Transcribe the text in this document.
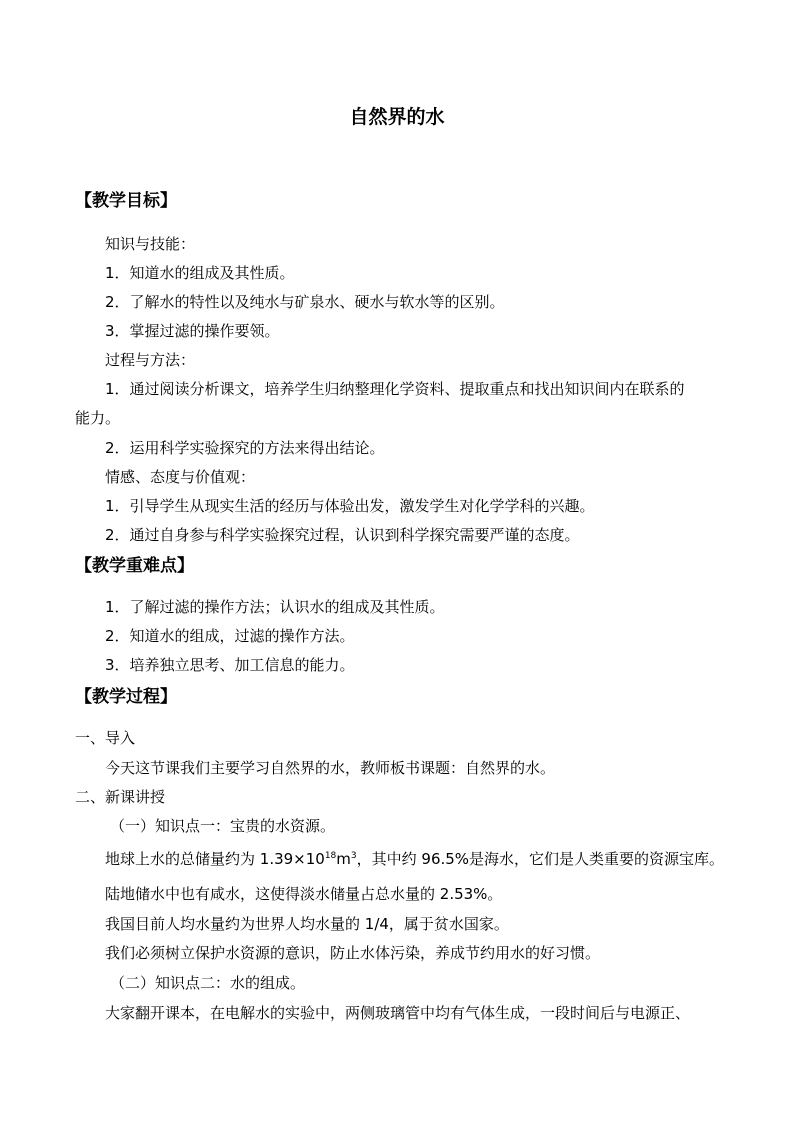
自然界的水
【教学目标】
知识与技能：
1．知道水的组成及其性质。
2．了解水的特性以及纯水与矿泉水、硬水与软水等的区别。
3．掌握过滤的操作要领。
过程与方法：
1．通过阅读分析课文，培养学生归纳整理化学资料、提取重点和找出知识间内在联系的
能力。
2．运用科学实验探究的方法来得出结论。
情感、态度与价值观：
1．引导学生从现实生活的经历与体验出发，激发学生对化学学科的兴趣。
2．通过自身参与科学实验探究过程，认识到科学探究需要严谨的态度。
【教学重难点】
1．了解过滤的操作方法；认识水的组成及其性质。
2．知道水的组成，过滤的操作方法。
3．培养独立思考、加工信息的能力。
【教学过程】
一、导入
今天这节课我们主要学习自然界的水，教师板书课题：自然界的水。
二、新课讲授
（一）知识点一：宝贵的水资源。
地球上水的总储量约为 $1.39\times 10^{18}m^3$，其中约 96.5%是海水，它们是人类重要的资源宝库。
陆地储水中也有咸水，这使得淡水储量占总水量的 2.53%。
我国目前人均水量约为世界人均水量的 1/4，属于贫水国家。
我们必须树立保护水资源的意识，防止水体污染，养成节约用水的好习惯。
（二）知识点二：水的组成。
大家翻开课本，在电解水的实验中，两侧玻璃管中均有气体生成，一段时间后与电源正、
